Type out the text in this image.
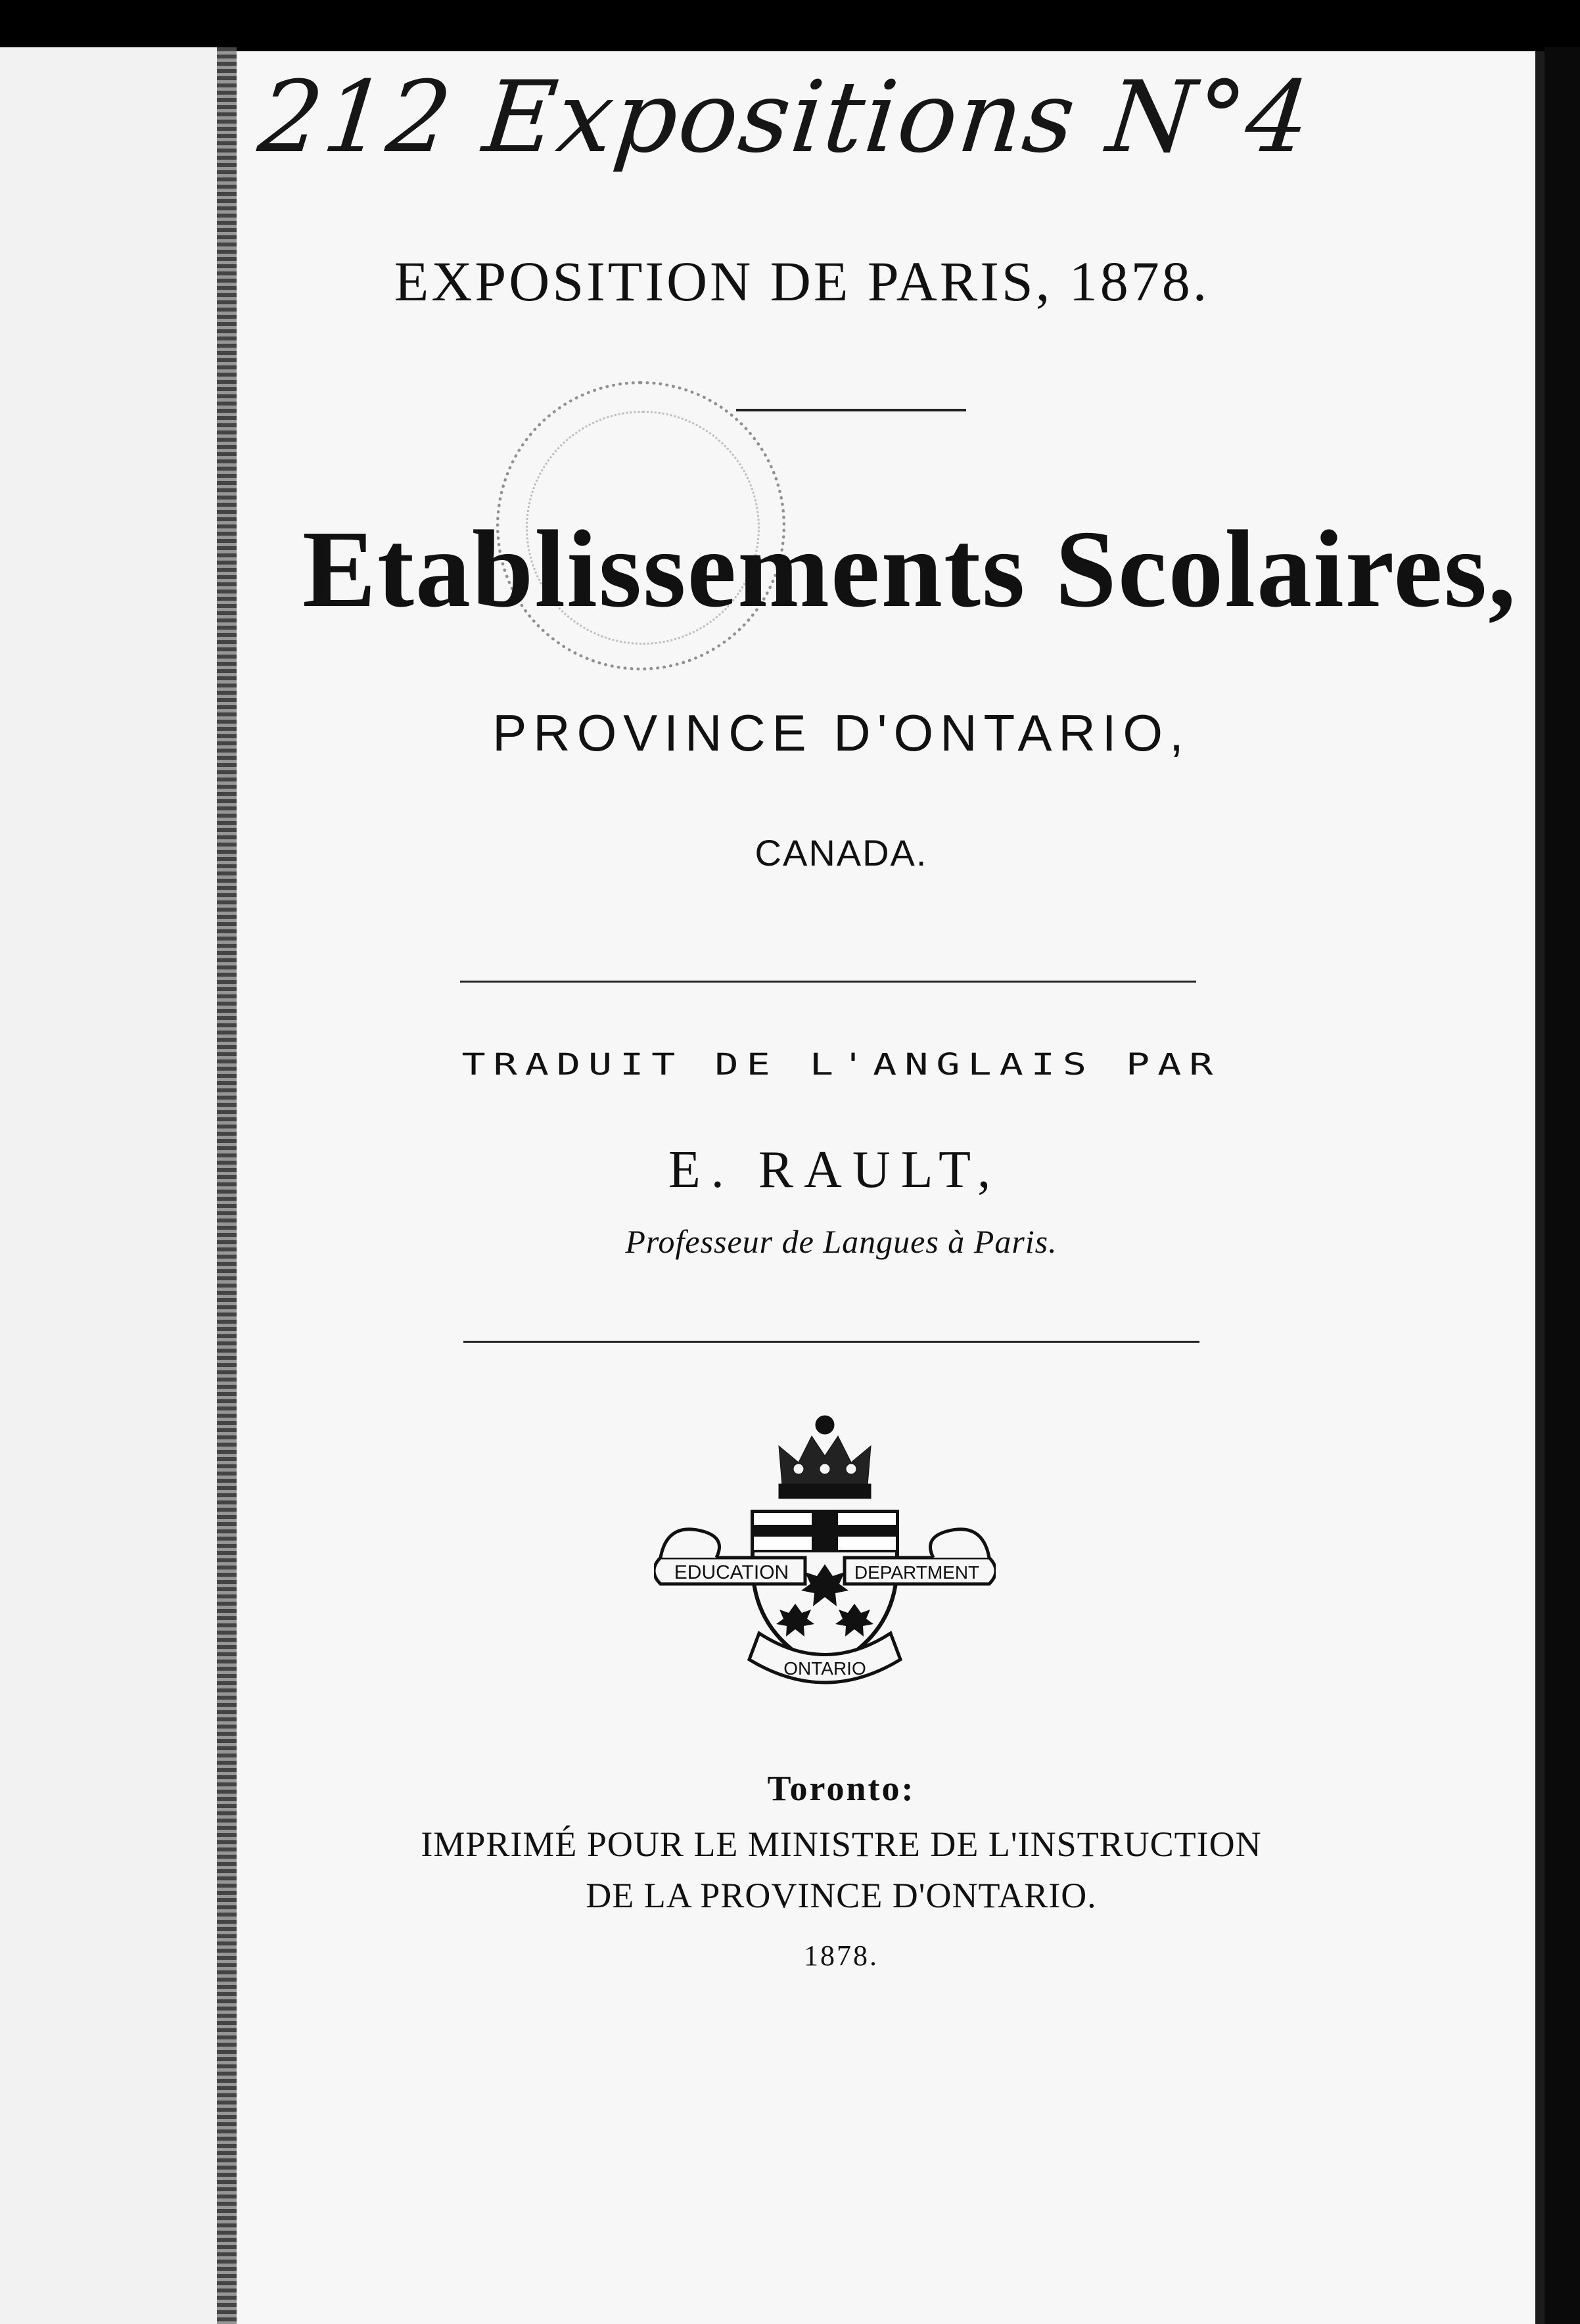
212 Expositions N°4
EXPOSITION DE PARIS, 1878.
Etablissements Scolaires,
PROVINCE D'ONTARIO,
CANADA.
TRADUIT DE L'ANGLAIS PAR
E. RAULT,
Professeur de Langues à Paris.
EDUCATION	DEPARTMENT
ONTARIO
Toronto:
IMPRIMÉ POUR LE MINISTRE DE L'INSTRUCTION
DE LA PROVINCE D'ONTARIO.
1878.
